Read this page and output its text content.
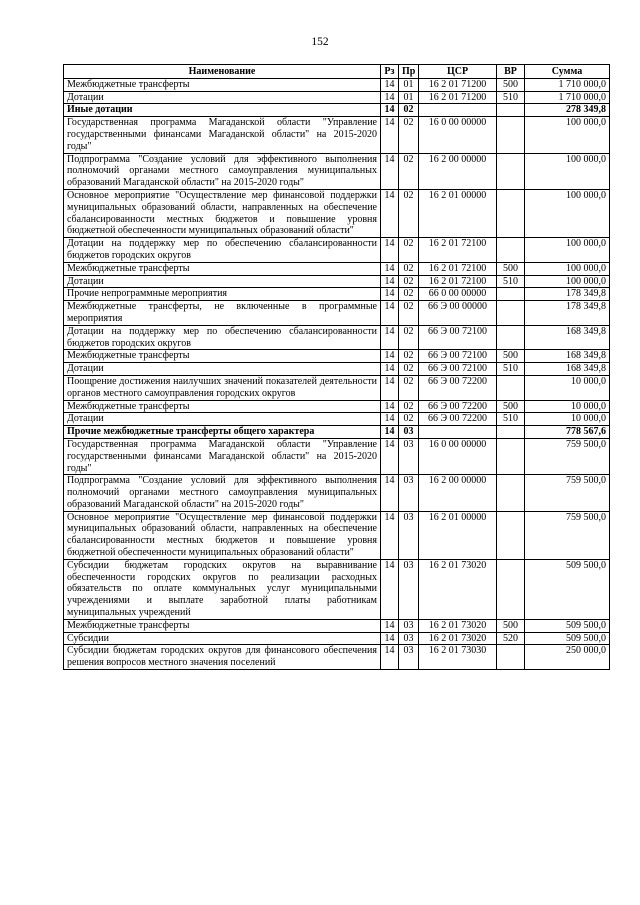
152
Наименование	Рз	Пр	ЦСР	ВР	Сумма
Межбюджетные трансферты	14	01	16 2 01 71200	500	1 710 000,0
Дотации	14	01	16 2 01 71200	510	1 710 000,0
Иные дотации	14	02			278 349,8
Государственная программа Магаданской области "Управление государственными финансами Магаданской области" на 2015-2020 годы"	14	02	16 0 00 00000		100 000,0
Подпрограмма "Создание условий для эффективного выполнения полномочий органами местного самоуправления муниципальных образований Магаданской области" на 2015-2020 годы"	14	02	16 2 00 00000		100 000,0
Основное мероприятие "Осуществление мер финансовой поддержки муниципальных образований области, направленных на обеспечение сбалансированности местных бюджетов и повышение уровня бюджетной обеспеченности муниципальных образований области"	14	02	16 2 01 00000		100 000,0
Дотации на поддержку мер по обеспечению сбалансированности бюджетов городских округов	14	02	16 2 01 72100		100 000,0
Межбюджетные трансферты	14	02	16 2 01 72100	500	100 000,0
Дотации	14	02	16 2 01 72100	510	100 000,0
Прочие непрограммные мероприятия	14	02	66 0 00 00000		178 349,8
Межбюджетные трансферты, не включенные в программные мероприятия	14	02	66 Э 00 00000		178 349,8
Дотации на поддержку мер по обеспечению сбалансированности бюджетов городских округов	14	02	66 Э 00 72100		168 349,8
Межбюджетные трансферты	14	02	66 Э 00 72100	500	168 349,8
Дотации	14	02	66 Э 00 72100	510	168 349,8
Поощрение достижения наилучших значений показателей деятельности органов местного самоуправления городских округов	14	02	66 Э 00 72200		10 000,0
Межбюджетные трансферты	14	02	66 Э 00 72200	500	10 000,0
Дотации	14	02	66 Э 00 72200	510	10 000,0
Прочие межбюджетные трансферты общего характера	14	03			778 567,6
Государственная программа Магаданской области "Управление государственными финансами Магаданской области" на 2015-2020 годы"	14	03	16 0 00 00000		759 500,0
Подпрограмма "Создание условий для эффективного выполнения полномочий органами местного самоуправления муниципальных образований Магаданской области" на 2015-2020 годы"	14	03	16 2 00 00000		759 500,0
Основное мероприятие "Осуществление мер финансовой поддержки муниципальных образований области, направленных на обеспечение сбалансированности местных бюджетов и повышение уровня бюджетной обеспеченности муниципальных образований области"	14	03	16 2 01 00000		759 500,0
Субсидии бюджетам городских округов на выравнивание обеспеченности городских округов по реализации расходных обязательств по оплате коммунальных услуг муниципальными учреждениями и выплате заработной платы работникам муниципальных учреждений	14	03	16 2 01 73020		509 500,0
Межбюджетные трансферты	14	03	16 2 01 73020	500	509 500,0
Субсидии	14	03	16 2 01 73020	520	509 500,0
Субсидии бюджетам городских округов для финансового обеспечения решения вопросов местного значения поселений	14	03	16 2 01 73030		250 000,0
